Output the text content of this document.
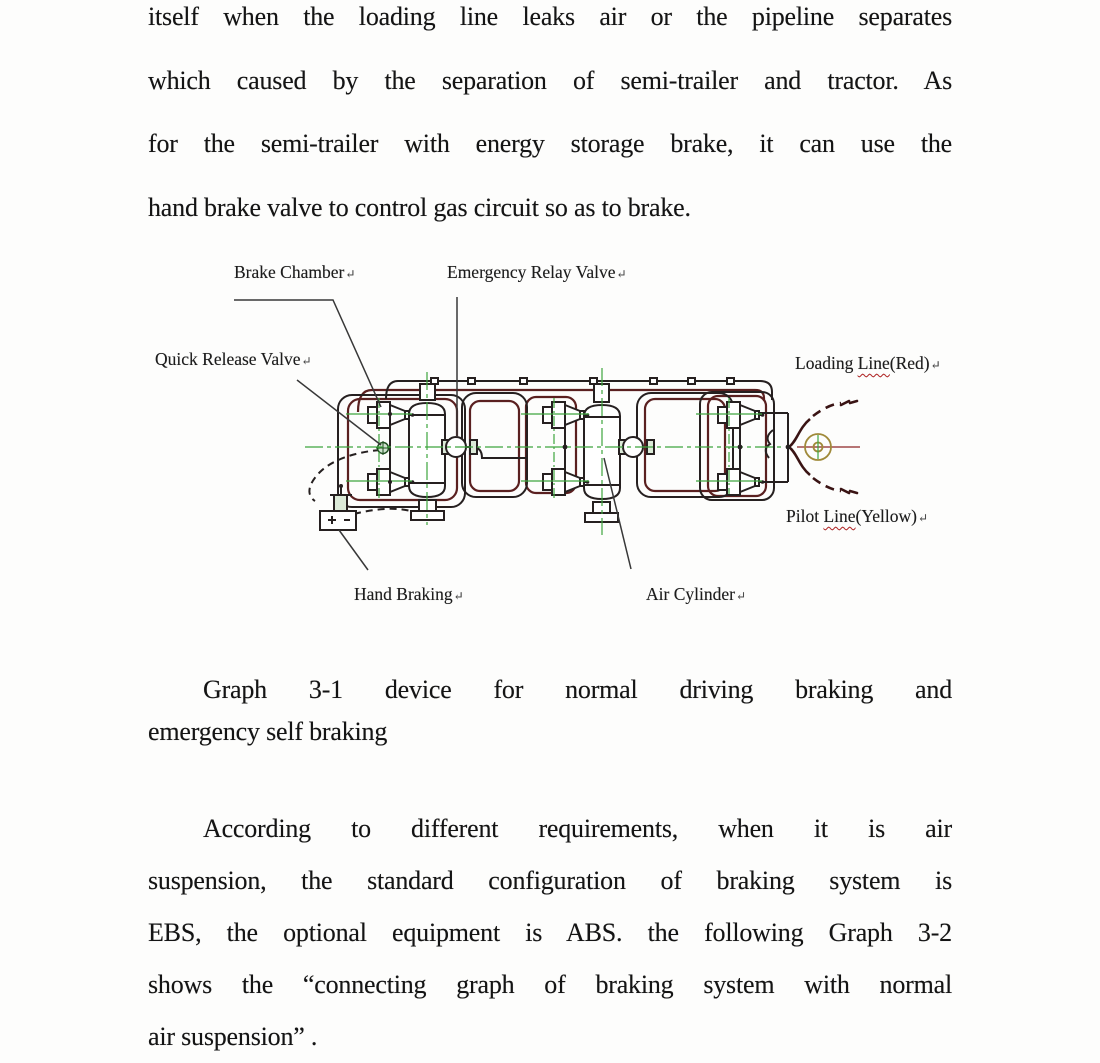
itself when the loading line leaks air or the pipeline separates
which caused by the separation of semi-trailer and tractor. As
for the semi-trailer with energy storage brake, it can use the
hand brake valve to control gas circuit so as to brake.
Brake Chamber↵	Emergency Relay Valve↵
Quick Release Valve↵	Loading Line(Red)↵
Pilot Line(Yellow)↵
Hand Braking↵	Air Cylinder↵
Graph 3-1 device for normal driving braking and
emergency self braking
According to different requirements, when it is air
suspension, the standard configuration of braking system is
EBS, the optional equipment is ABS. the following Graph 3-2
shows the “connecting graph of braking system with normal
air suspension” .
